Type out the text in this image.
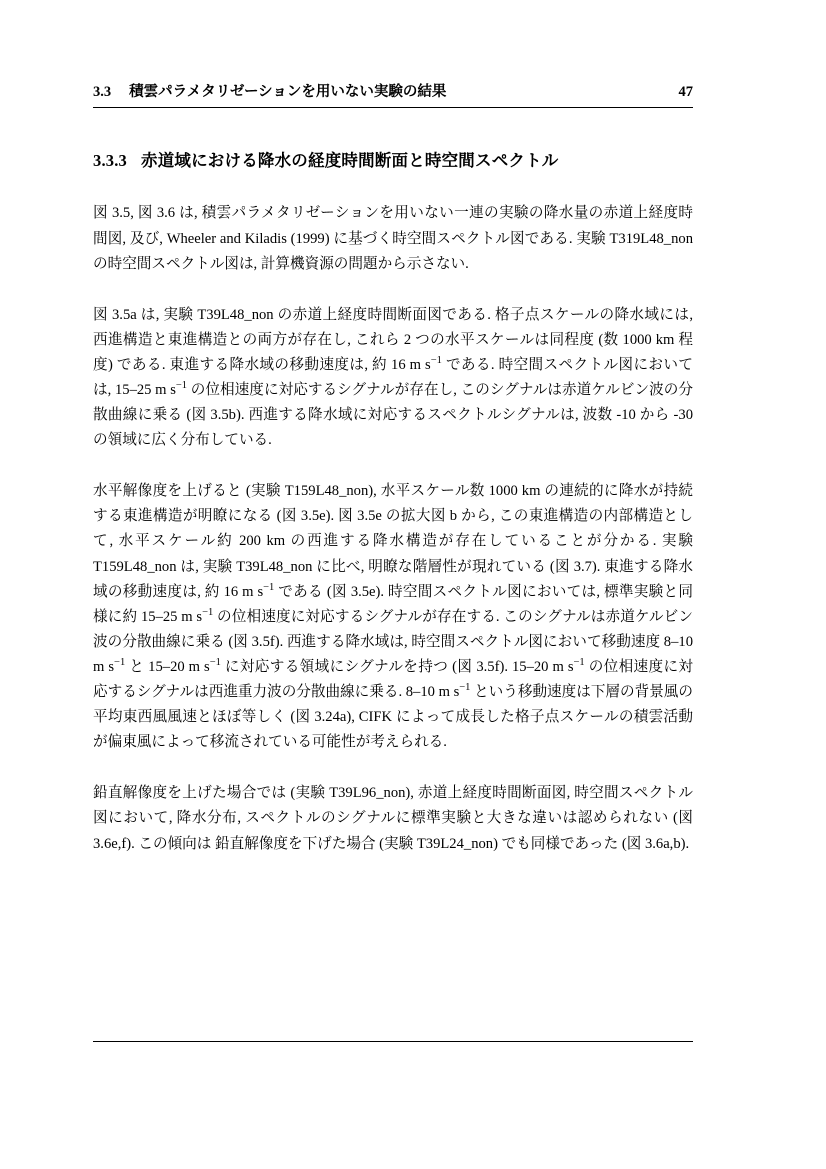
3.3 積雲パラメタリゼーションを用いない実験の結果	47
3.3.3 赤道域における降水の経度時間断面と時空間スペクトル

図 3.5, 図 3.6 は, 積雲パラメタリゼーションを用いない一連の実験の降水量の赤道上経度時間図, 及び, Wheeler and Kiladis (1999) に基づく時空間スペクトル図である. 実験 T319L48_non の時空間スペクトル図は, 計算機資源の問題から示さない.

図 3.5a は, 実験 T39L48_non の赤道上経度時間断面図である. 格子点スケールの降水域には, 西進構造と東進構造との両方が存在し, これら 2 つの水平スケールは同程度 (数 1000 km 程度) である. 東進する降水域の移動速度は, 約 16 m $s^{-1}$ である. 時空間スペクトル図においては, 15–25 m $s^{-1}$ の位相速度に対応するシグナルが存在し, このシグナルは赤道ケルビン波の分散曲線に乗る (図 3.5b). 西進する降水域に対応するスペクトルシグナルは, 波数 -10 から -30 の領域に広く分布している.

水平解像度を上げると (実験 T159L48_non), 水平スケール数 1000 km の連続的に降水が持続する東進構造が明瞭になる (図 3.5e). 図 3.5e の拡大図 b から, この東進構造の内部構造として, 水平スケール約 200 km の西進する降水構造が存在していることが分かる. 実験 T159L48_non は, 実験 T39L48_non に比べ, 明瞭な階層性が現れている (図 3.7). 東進する降水域の移動速度は, 約 16 m $s^{-1}$ である (図 3.5e). 時空間スペクトル図においては, 標準実験と同様に約 15–25 m $s^{-1}$ の位相速度に対応するシグナルが存在する. このシグナルは赤道ケルビン波の分散曲線に乗る (図 3.5f). 西進する降水域は, 時空間スペクトル図において移動速度 8–10 m $s^{-1}$ と 15–20 m $s^{-1}$ に対応する領域にシグナルを持つ (図 3.5f). 15–20 m $s^{-1}$ の位相速度に対応するシグナルは西進重力波の分散曲線に乗る. 8–10 m $s^{-1}$ という移動速度は下層の背景風の平均東西風風速とほぼ等しく (図 3.24a), CIFK によって成長した格子点スケールの積雲活動が偏東風によって移流されている可能性が考えられる.

鉛直解像度を上げた場合では (実験 T39L96_non), 赤道上経度時間断面図, 時空間スペクトル図において, 降水分布, スペクトルのシグナルに標準実験と大きな違いは認められない (図 3.6e,f). この傾向は 鉛直解像度を下げた場合 (実験 T39L24_non) でも同様であった (図 3.6a,b).
